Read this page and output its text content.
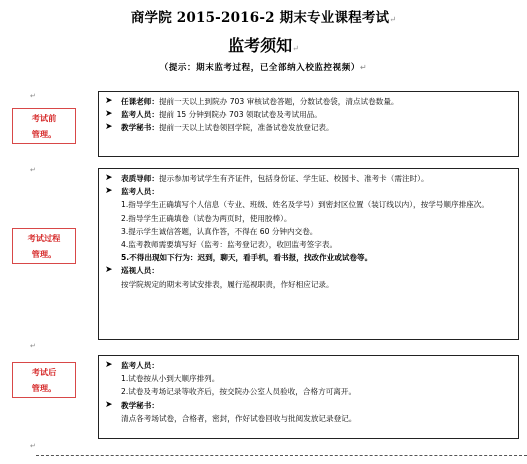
商学院 2015-2016-2 期末专业课程考试↵
监考须知↵
（提示：期末监考过程，已全部纳入校监控视频）↵
↵
考试前
管理。
➤	任课老师：提前一天以上到院办 703 审核试卷答题，分数试卷袋，清点试卷数量。
➤	监考人员：提前 15 分钟到院办 703 领取试卷及考试用品。
➤	教学秘书：提前一天以上试卷领回学院，准备试卷发放登记表。
↵
考试过程
管理。
➤	表质导师：提示参加考试学生有齐证件，包括身份证、学生证、校园卡、准考卡（需注时）。
➤	监考人员：
1.指导学生正确填写个人信息（专业、班级、姓名及学号）到密封区位置（装订线以内），按学号顺序排座次。
2.指导学生正确填卷（试卷为两页时，使用胶棒）。
3.提示学生诚信答题，认真作答，不得在 60 分钟内交卷。
4.监考教师需要填写好（监考：监考登记表），收回监考签字表。
5.不得出现如下行为：迟到，聊天，看手机，看书报，找改作业或试卷等。
➤	巡视人员：
按学院规定的期末考试安排表，履行巡视职责，作好相应记录。
↵
考试后
管理。
➤	监考人员：
1.试卷按从小到大顺序排列。
2.试卷及考场记录等收齐后，按交院办公室人员验收，合格方可离开。
➤	教学秘书：
清点各考场试卷，合格者，密封，作好试卷回收与批阅发放记录登记。
↵
